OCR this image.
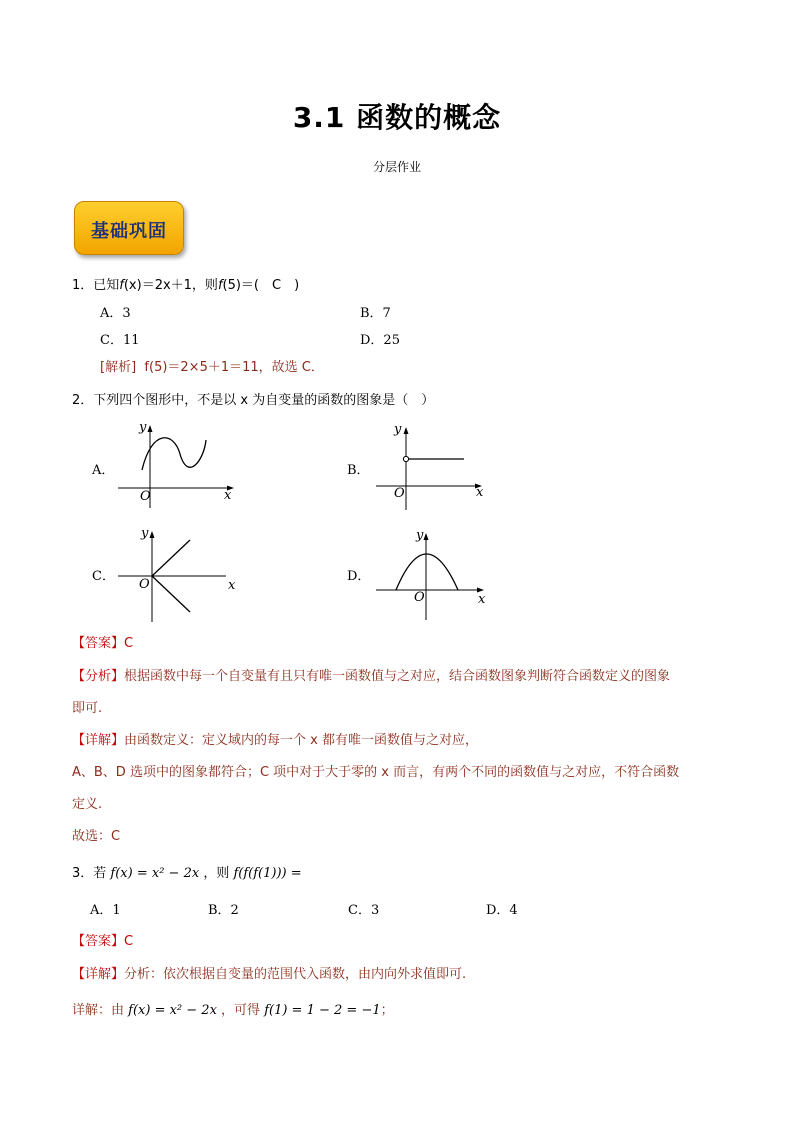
3.1 函数的概念
分层作业
基础巩固
1．已知f(x)＝2x＋1，则f(5)＝(　C　)
A．3	B．7
C．11	D．25
[解析] f(5)＝2×5＋1＝11，故选 C．
2．下列四个图形中，不是以 x 为自变量的函数的图象是（　）
A．
y
O	x
B．
y
O	x
C．
y
O	x
D．
y
O	x
【答案】C
【分析】根据函数中每一个自变量有且只有唯一函数值与之对应，结合函数图象判断符合函数定义的图象
即可.
【详解】由函数定义：定义域内的每一个 x 都有唯一函数值与之对应，
A、B、D 选项中的图象都符合；C 项中对于大于零的 x 而言，有两个不同的函数值与之对应，不符合函数
定义.
故选：C
3．若 f(x) = x² − 2x ，则 f(f(f(1))) =
A．1	B．2	C．3	D．4
【答案】C
【详解】分析：依次根据自变量的范围代入函数，由内向外求值即可.
详解：由 f(x) = x² − 2x ，可得 f(1) = 1 − 2 = −1；
